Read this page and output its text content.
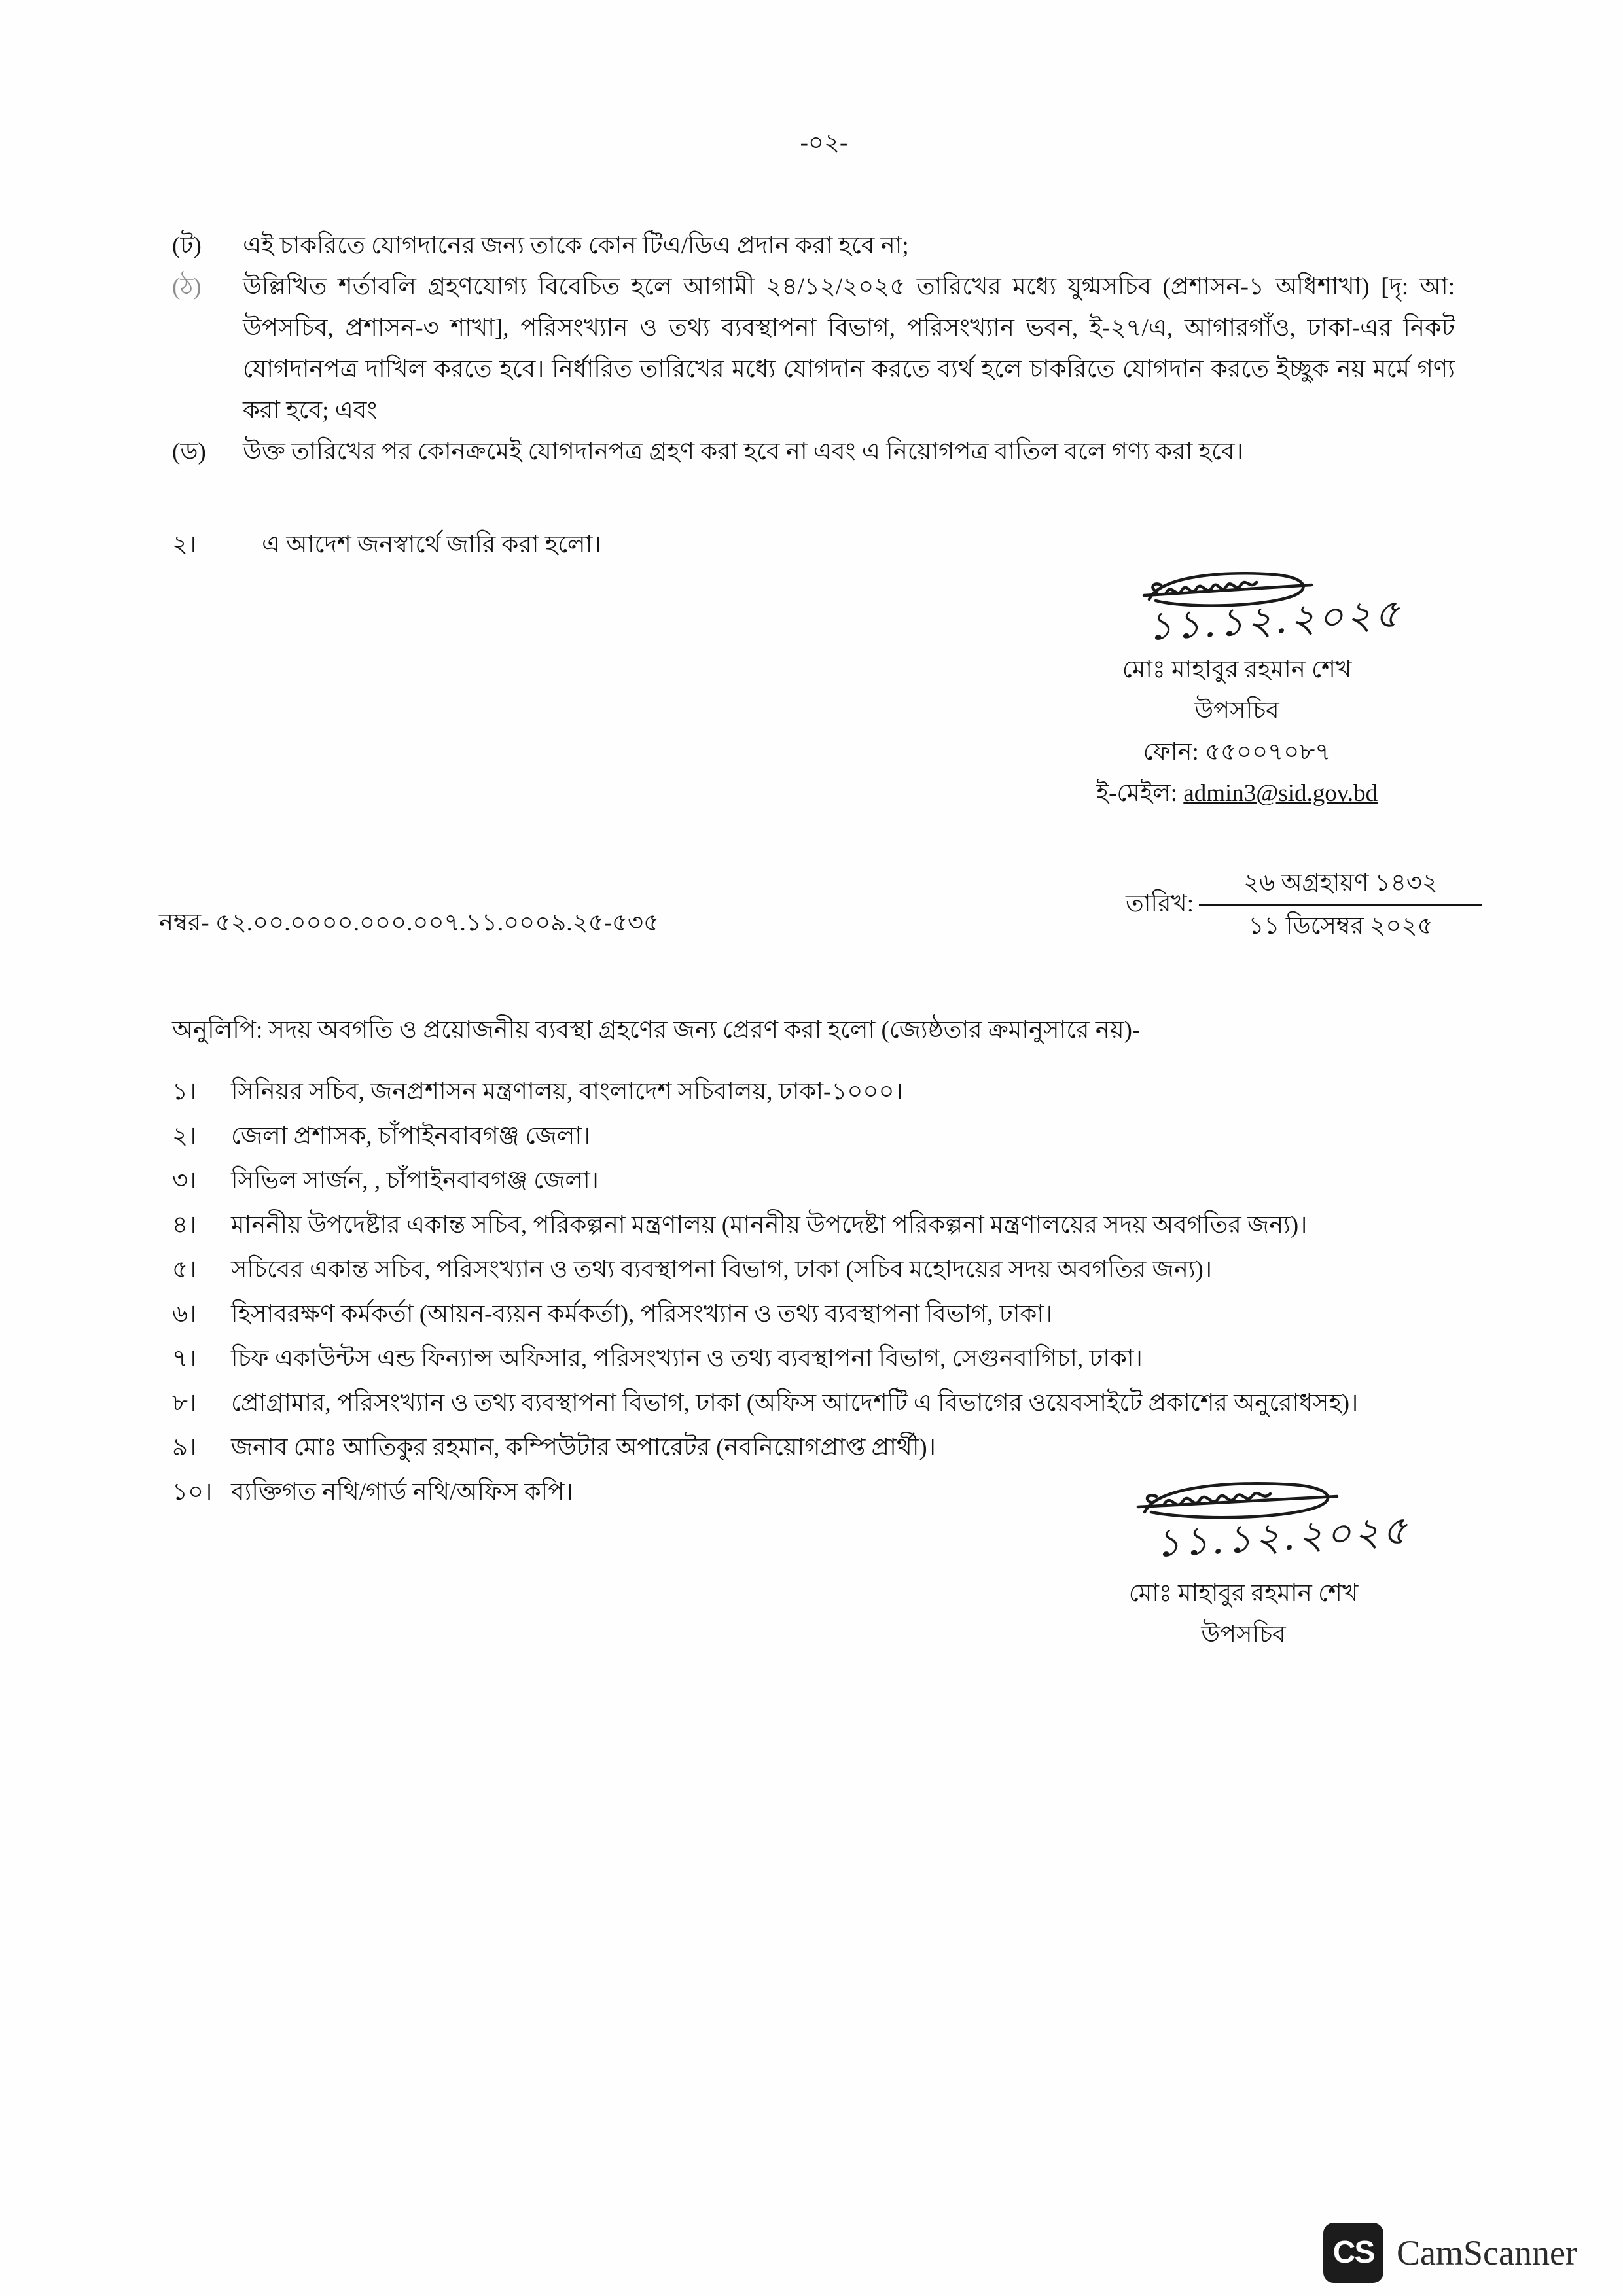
-০২-
(ট)	এই চাকরিতে যোগদানের জন্য তাকে কোন টিএ/ডিএ প্রদান করা হবে না;
(ঠ)	উল্লিখিত শর্তাবলি গ্রহণযোগ্য বিবেচিত হলে আগামী ২৪/১২/২০২৫ তারিখের মধ্যে যুগ্মসচিব (প্রশাসন-১ অধিশাখা) [দৃ: আ: উপসচিব, প্রশাসন-৩ শাখা], পরিসংখ্যান ও তথ্য ব্যবস্থাপনা বিভাগ, পরিসংখ্যান ভবন, ই-২৭/এ, আগারগাঁও, ঢাকা-এর নিকট যোগদানপত্র দাখিল করতে হবে। নির্ধারিত তারিখের মধ্যে যোগদান করতে ব্যর্থ হলে চাকরিতে যোগদান করতে ইচ্ছুক নয় মর্মে গণ্য করা হবে; এবং
(ড)	উক্ত তারিখের পর কোনক্রমেই যোগদানপত্র গ্রহণ করা হবে না এবং এ নিয়োগপত্র বাতিল বলে গণ্য করা হবে।
২।	এ আদেশ জনস্বার্থে জারি করা হলো।
১১.১২.২০২৫
মোঃ মাহাবুর রহমান শেখ
উপসচিব
ফোন: ৫৫০০৭০৮৭
ই-মেইল: admin3@sid.gov.bd
নম্বর- ৫২.০০.০০০০.০০০.০০৭.১১.০০০৯.২৫-৫৩৫
তারিখ:
২৬ অগ্রহায়ণ ১৪৩২
১১ ডিসেম্বর ২০২৫
অনুলিপি: সদয় অবগতি ও প্রয়োজনীয় ব্যবস্থা গ্রহণের জন্য প্রেরণ করা হলো (জ্যেষ্ঠতার ক্রমানুসারে নয়)-
১।	সিনিয়র সচিব, জনপ্রশাসন মন্ত্রণালয়, বাংলাদেশ সচিবালয়, ঢাকা-১০০০।
২।	জেলা প্রশাসক, চাঁপাইনবাবগঞ্জ জেলা।
৩।	সিভিল সার্জন, , চাঁপাইনবাবগঞ্জ জেলা।
৪।	মাননীয় উপদেষ্টার একান্ত সচিব, পরিকল্পনা মন্ত্রণালয় (মাননীয় উপদেষ্টা পরিকল্পনা মন্ত্রণালয়ের সদয় অবগতির জন্য)।
৫।	সচিবের একান্ত সচিব, পরিসংখ্যান ও তথ্য ব্যবস্থাপনা বিভাগ, ঢাকা (সচিব মহোদয়ের সদয় অবগতির জন্য)।
৬।	হিসাবরক্ষণ কর্মকর্তা (আয়ন-ব্যয়ন কর্মকর্তা), পরিসংখ্যান ও তথ্য ব্যবস্থাপনা বিভাগ, ঢাকা।
৭।	চিফ একাউন্টস এন্ড ফিন্যান্স অফিসার, পরিসংখ্যান ও তথ্য ব্যবস্থাপনা বিভাগ, সেগুনবাগিচা, ঢাকা।
৮।	প্রোগ্রামার, পরিসংখ্যান ও তথ্য ব্যবস্থাপনা বিভাগ, ঢাকা (অফিস আদেশটি এ বিভাগের ওয়েবসাইটে প্রকাশের অনুরোধসহ)।
৯।	জনাব মোঃ আতিকুর রহমান, কম্পিউটার অপারেটর (নবনিয়োগপ্রাপ্ত প্রার্থী)।
১০। ব্যক্তিগত নথি/গার্ড নথি/অফিস কপি।
১১.১২.২০২৫
মোঃ মাহাবুর রহমান শেখ
উপসচিব
CS CamScanner
